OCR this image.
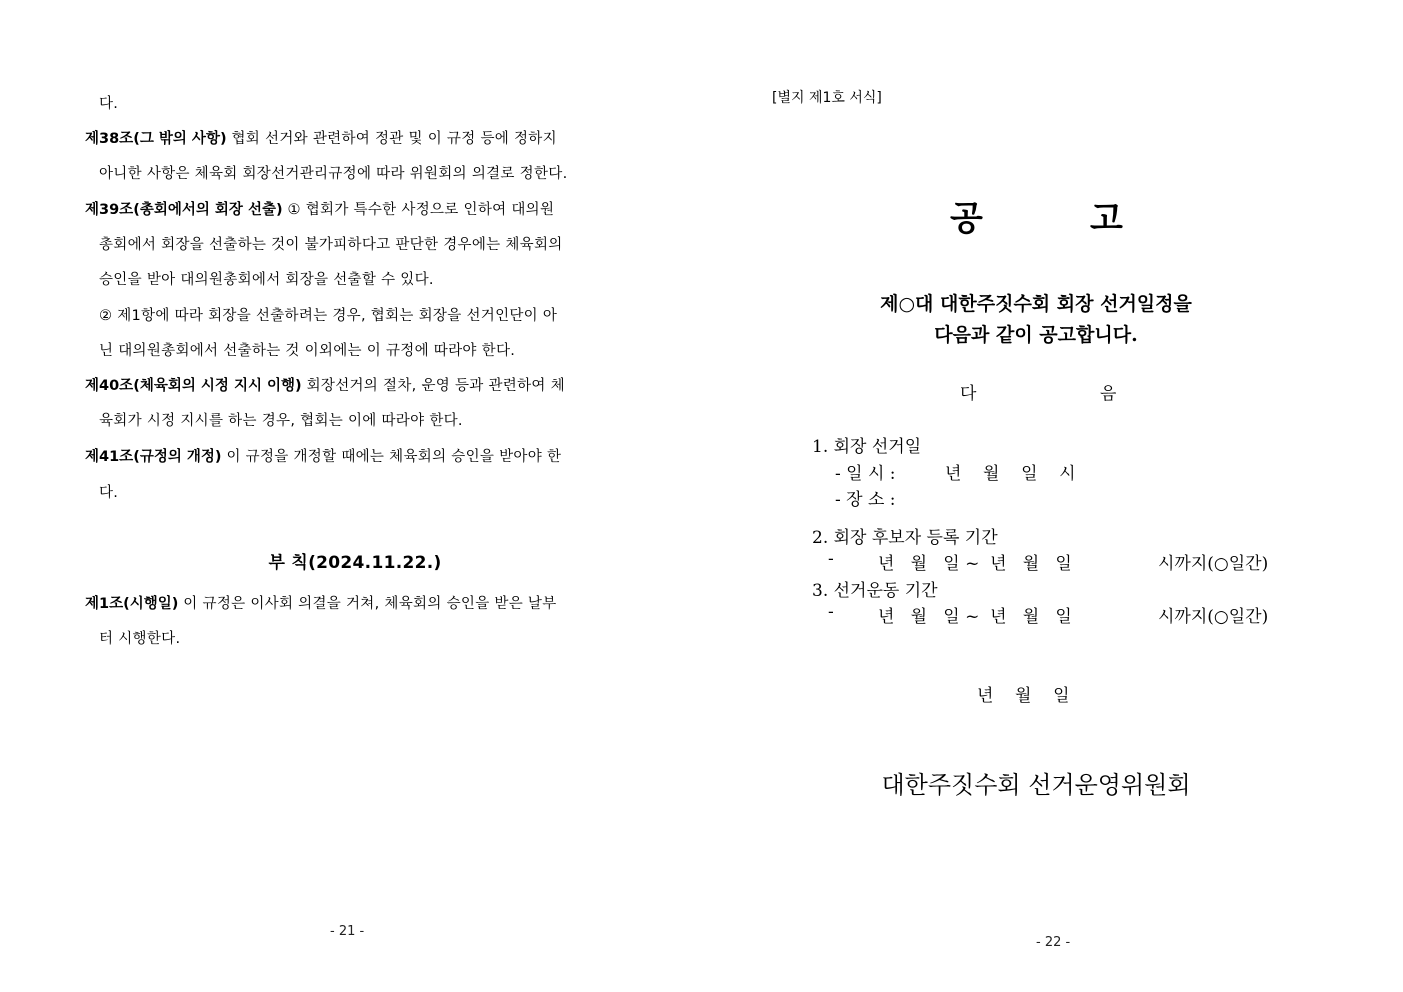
다.
제38조(그 밖의 사항) 협회 선거와 관련하여 정관 및 이 규정 등에 정하지
아니한 사항은 체육회 회장선거관리규정에 따라 위원회의 의결로 정한다.
제39조(총회에서의 회장 선출) ① 협회가 특수한 사정으로 인하여 대의원
총회에서 회장을 선출하는 것이 불가피하다고 판단한 경우에는 체육회의
승인을 받아 대의원총회에서 회장을 선출할 수 있다.
② 제1항에 따라 회장을 선출하려는 경우, 협회는 회장을 선거인단이 아
닌 대의원총회에서 선출하는 것 이외에는 이 규정에 따라야 한다.
제40조(체육회의 시정 지시 이행) 회장선거의 절차, 운영 등과 관련하여 체
육회가 시정 지시를 하는 경우, 협회는 이에 따라야 한다.
제41조(규정의 개정) 이 규정을 개정할 때에는 체육회의 승인을 받아야 한
다.
부 칙(2024.11.22.)
제1조(시행일) 이 규정은 이사회 의결을 거쳐, 체육회의 승인을 받은 날부
터 시행한다.
- 21 -
[별지 제1호 서식]
공	고
제○대 대한주짓수회 회장 선거일정을
다음과 같이 공고합니다.
다	음
1. 회장 선거일
- 일 시 :	년    월    일    시
- 장 소 :
2. 회장 후보자 등록 기간
-	년   월   일 ~  년   월   일	시까지(○일간)
3. 선거운동 기간
-	년   월   일 ~  년   월   일	시까지(○일간)
년    월    일
대한주짓수회 선거운영위원회
- 22 -
